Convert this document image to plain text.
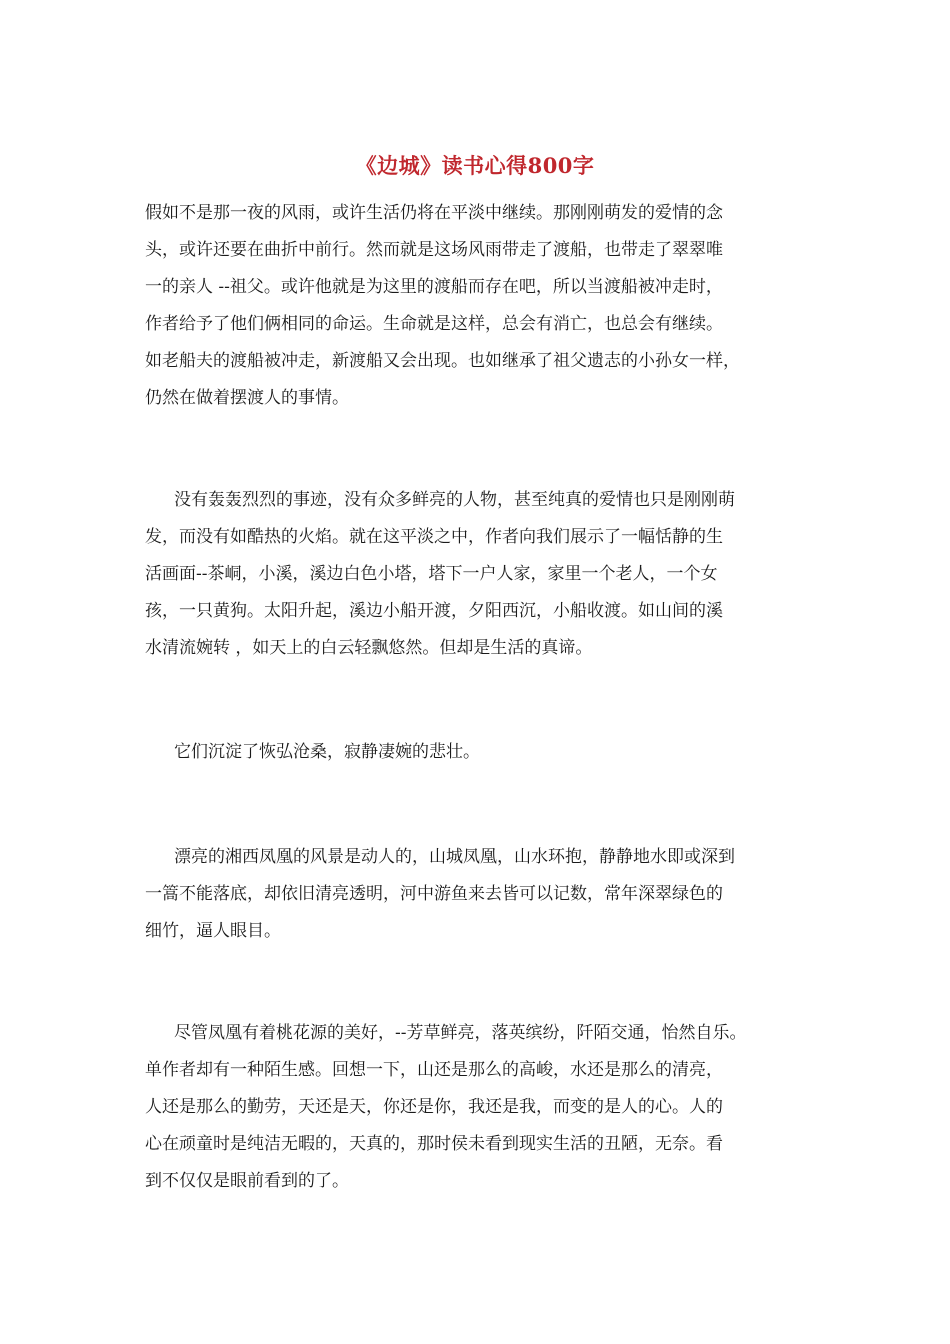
《边城》读书心得800字
假如不是那一夜的风雨，或许生活仍将在平淡中继续。那刚刚萌发的爱情的念
头，或许还要在曲折中前行。然而就是这场风雨带走了渡船，也带走了翠翠唯
一的亲人 --祖父。或许他就是为这里的渡船而存在吧，所以当渡船被冲走时，
作者给予了他们俩相同的命运。生命就是这样，总会有消亡，也总会有继续。
如老船夫的渡船被冲走，新渡船又会出现。也如继承了祖父遗志的小孙女一样，
仍然在做着摆渡人的事情。
没有轰轰烈烈的事迹，没有众多鲜亮的人物，甚至纯真的爱情也只是刚刚萌
发，而没有如酷热的火焰。就在这平淡之中，作者向我们展示了一幅恬静的生
活画面--茶峒，小溪，溪边白色小塔，塔下一户人家，家里一个老人，一个女
孩，一只黄狗。太阳升起，溪边小船开渡，夕阳西沉，小船收渡。如山间的溪
水清流婉转 ，如天上的白云轻飘悠然。但却是生活的真谛。
它们沉淀了恢弘沧桑，寂静凄婉的悲壮。
漂亮的湘西凤凰的风景是动人的，山城凤凰，山水环抱，静静地水即或深到
一篙不能落底，却依旧清亮透明，河中游鱼来去皆可以记数，常年深翠绿色的
细竹，逼人眼目。
尽管凤凰有着桃花源的美好，--芳草鲜亮，落英缤纷，阡陌交通，怡然自乐。
单作者却有一种陌生感。回想一下，山还是那么的高峻，水还是那么的清亮，
人还是那么的勤劳，天还是天，你还是你，我还是我，而变的是人的心。人的
心在顽童时是纯洁无暇的，天真的，那时侯未看到现实生活的丑陋，无奈。看
到不仅仅是眼前看到的了。
